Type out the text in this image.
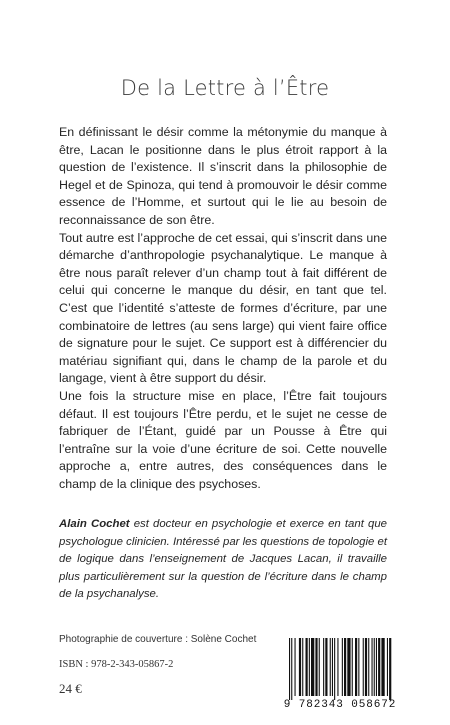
De la Lettre à l’Être

En définissant le désir comme la métonymie du manque à être, Lacan le positionne dans le plus étroit rapport à la question de l’existence. Il s’inscrit dans la philosophie de Hegel et de Spinoza, qui tend à promouvoir le désir comme essence de l’Homme, et surtout qui le lie au besoin de reconnaissance de son être.

Tout autre est l’approche de cet essai, qui s’inscrit dans une démarche d’anthropologie psychanalytique. Le manque à être nous paraît relever d’un champ tout à fait différent de celui qui concerne le manque du désir, en tant que tel. C’est que l’identité s’atteste de formes d’écriture, par une combinatoire de lettres (au sens large) qui vient faire office de signature pour le sujet. Ce support est à différencier du matériau signifiant qui, dans le champ de la parole et du langage, vient à être support du désir.

Une fois la structure mise en place, l’Être fait toujours défaut. Il est toujours l’Être perdu, et le sujet ne cesse de fabriquer de l’Étant, guidé par un Pousse à Être qui l’entraîne sur la voie d’une écriture de soi. Cette nouvelle approche a, entre autres, des conséquences dans le champ de la clinique des psychoses.

Alain Cochet est docteur en psychologie et exerce en tant que psychologue clinicien. Intéressé par les questions de topologie et de logique dans l’enseignement de Jacques Lacan, il travaille plus particulièrement sur la question de l’écriture dans le champ de la psychanalyse.
Photographie de couverture : Solène Cochet
ISBN : 978-2-343-05867-2
24 €
9 782343 058672
